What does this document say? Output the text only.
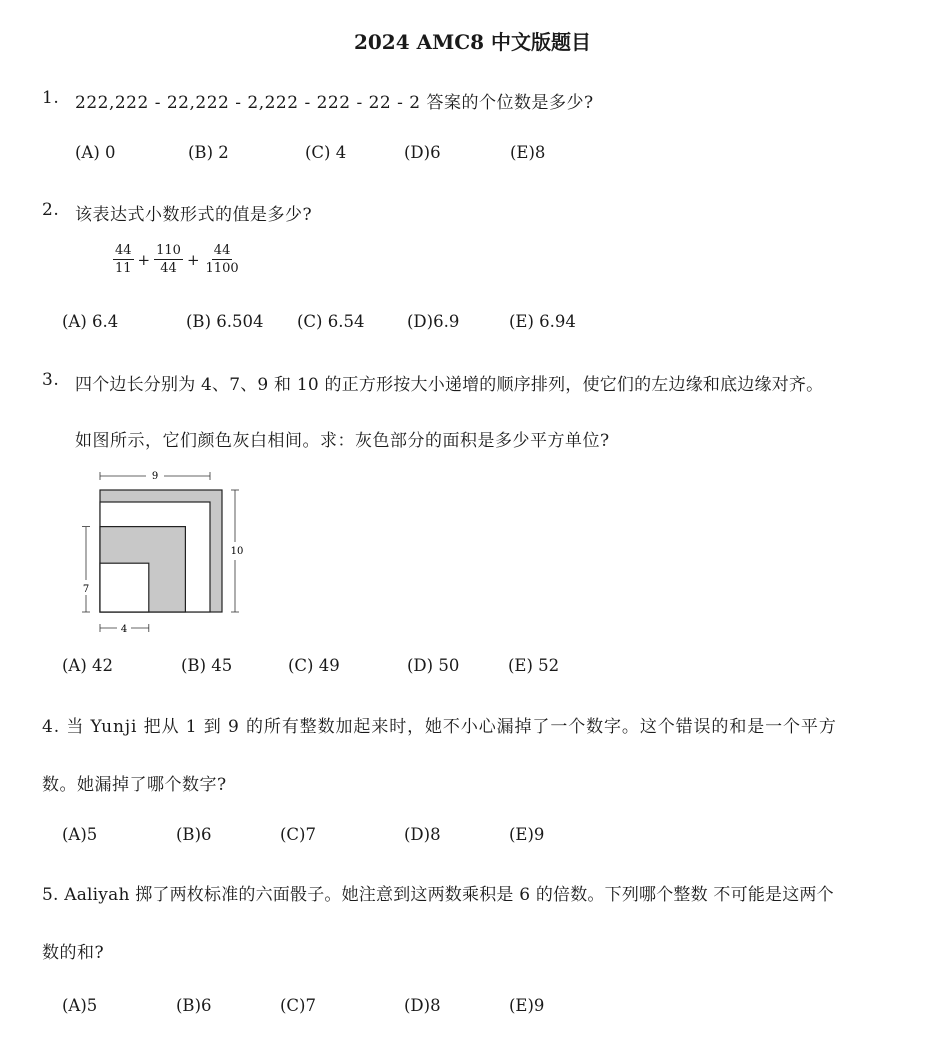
2024 AMC8 中文版题目
1. 222,222 - 22,222 - 2,222 - 222 - 22 - 2 答案的个位数是多少?
(A) 0	(B) 2	(C) 4	(D)6	(E)8
2. 该表达式小数形式的值是多少?
$\frac{44}{11} + \frac{110}{44} + \frac{44}{1100}$
(A) 6.4	(B) 6.504 (C) 6.54	(D)6.9	(E) 6.94
3. 四个边长分别为 4、7、9 和 10 的正方形按大小递增的顺序排列，使它们的左边缘和底边缘对齐。
如图所示，它们颜色灰白相间。求：灰色部分的面积是多少平方单位?
9
10
7
4
(A) 42	(B) 45	(C) 49	(D) 50	(E) 52
4. 当 Yunji 把从 1 到 9 的所有整数加起来时，她不小心漏掉了一个数字。这个错误的和是一个平方
数。她漏掉了哪个数字?
(A)5	(B)6	(C)7	(D)8	(E)9
5. Aaliyah 掷了两枚标准的六面骰子。她注意到这两数乘积是 6 的倍数。下列哪个整数 不可能是这两个
数的和?
(A)5	(B)6	(C)7	(D)8	(E)9
